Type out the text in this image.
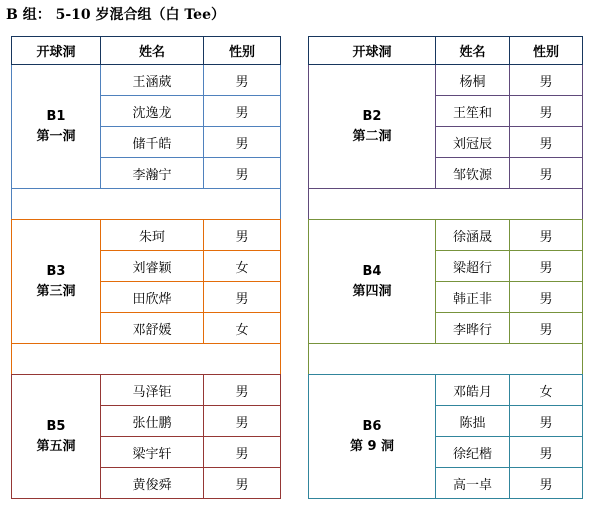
B 组： 5-10 岁混合组（白 Tee）
开球洞	姓名	性别

B1
第一洞	王涵葳	男
	沈逸龙	男
	储千皓	男
	李瀚宁	男

B3
第三洞	朱珂	男
	刘睿颖	女
	田欣烨	男
	邓舒媛	女

B5
第五洞	马泽钜	男
	张仕鹏	男
	梁宇轩	男
	黄俊舜	男
开球洞	姓名	性别

B2
第二洞	杨桐	男
	王笙和	男
	刘冠辰	男
	邹钦源	男

B4
第四洞	徐涵晟	男
	梁超行	男
	韩正非	男
	李晔行	男

B6
第 9 洞	邓皓月	女
	陈拙	男
	徐纪楷	男
	高一卓	男
